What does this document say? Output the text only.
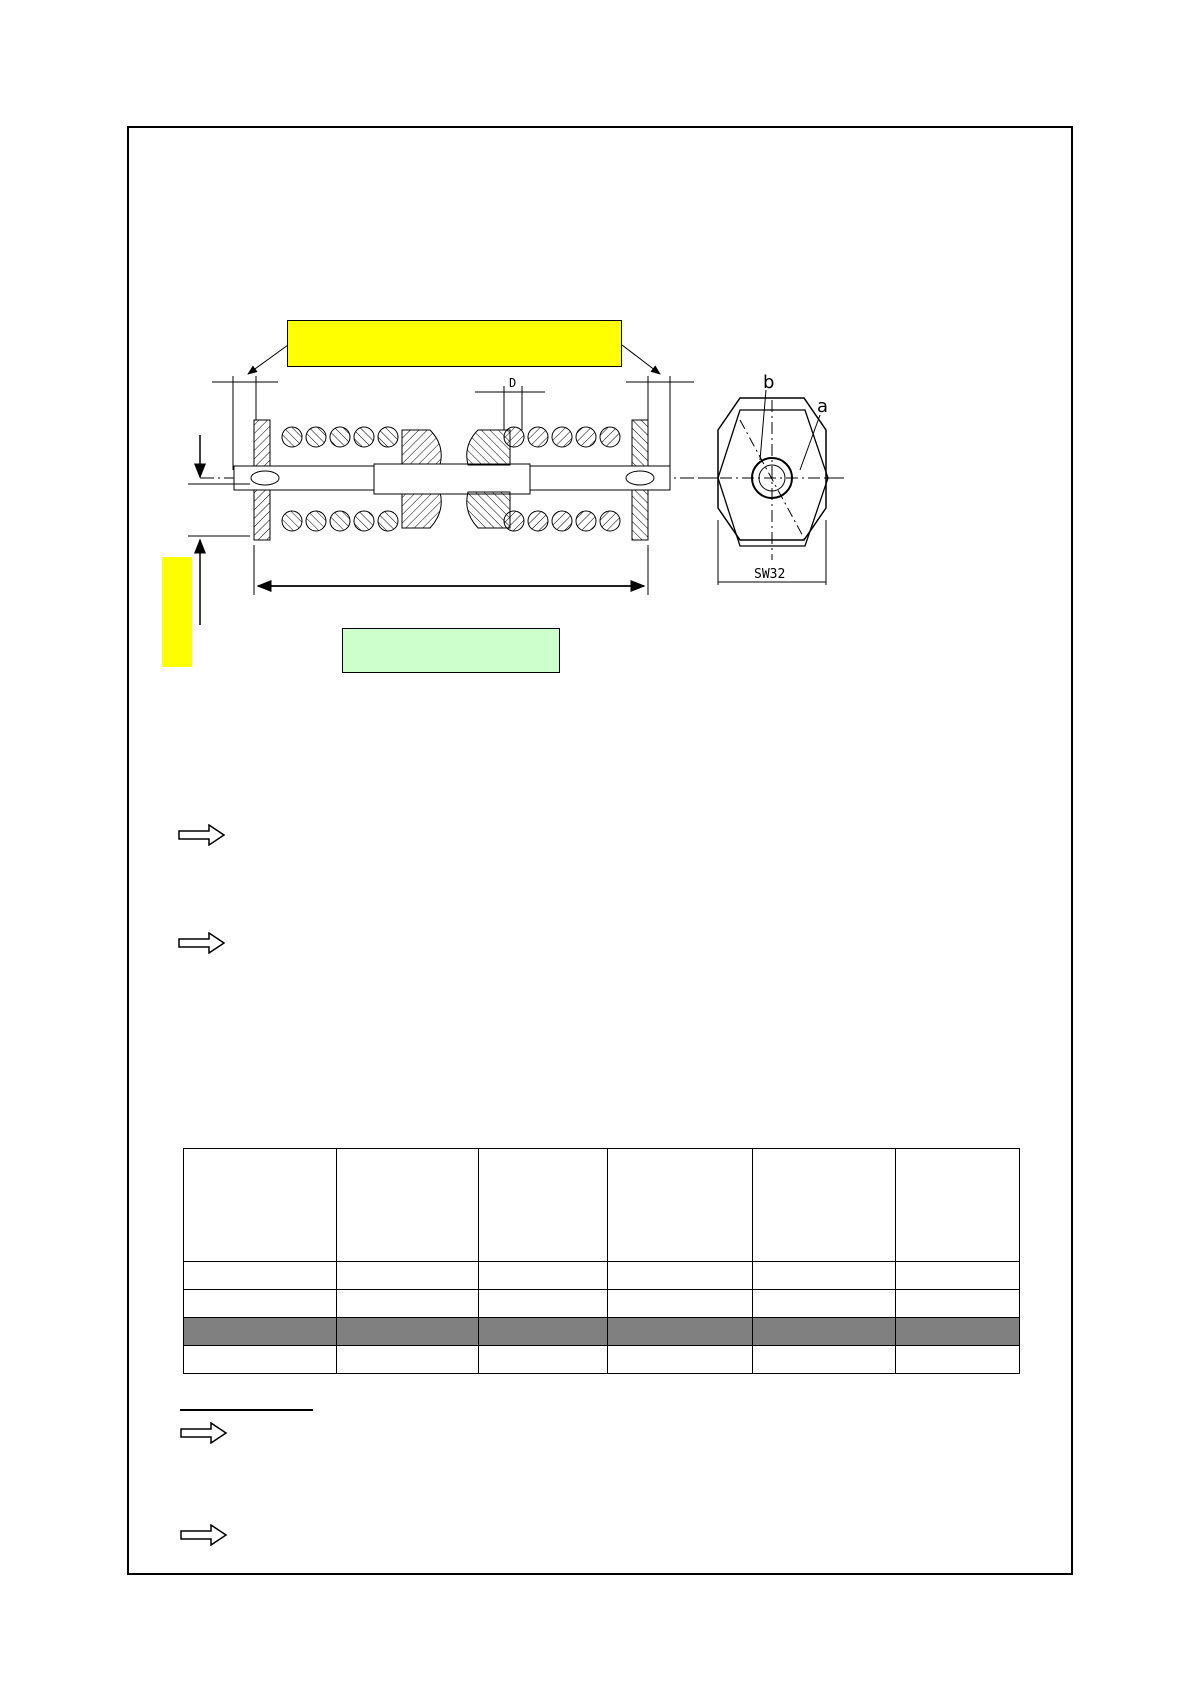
D	b
a
SW32
